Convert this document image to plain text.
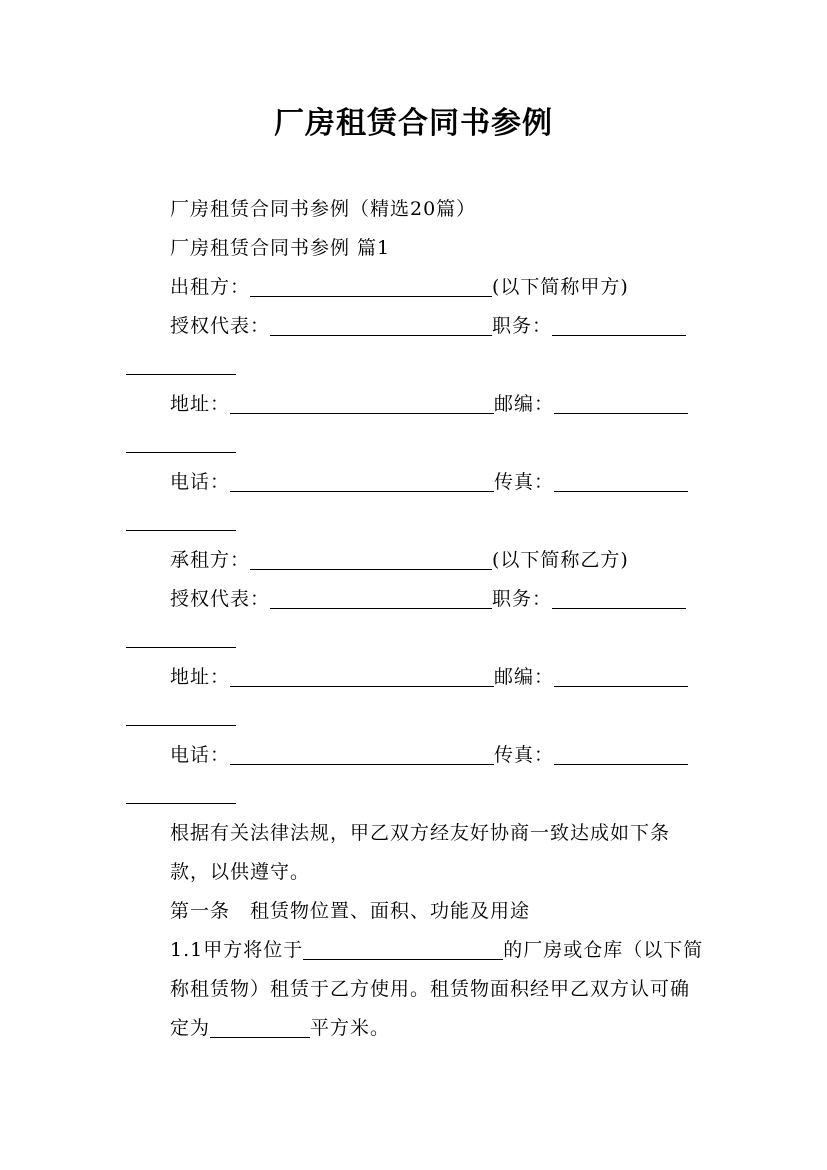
厂房租赁合同书参例
厂房租赁合同书参例（精选20篇）
厂房租赁合同书参例 篇1
出租方：	(以下简称甲方)
授权代表：	职务：
地址：	邮编：
电话：	传真：
承租方：	(以下简称乙方)
授权代表：	职务：
地址：	邮编：
电话：	传真：
根据有关法律法规，甲乙双方经友好协商一致达成如下条款，以供遵守。
第一条　租赁物位置、面积、功能及用途
1.1甲方将位于	的厂房或仓库（以下简称租赁物）租赁于乙方使用。租赁物面积经甲乙双方认可确定为	平方米。
